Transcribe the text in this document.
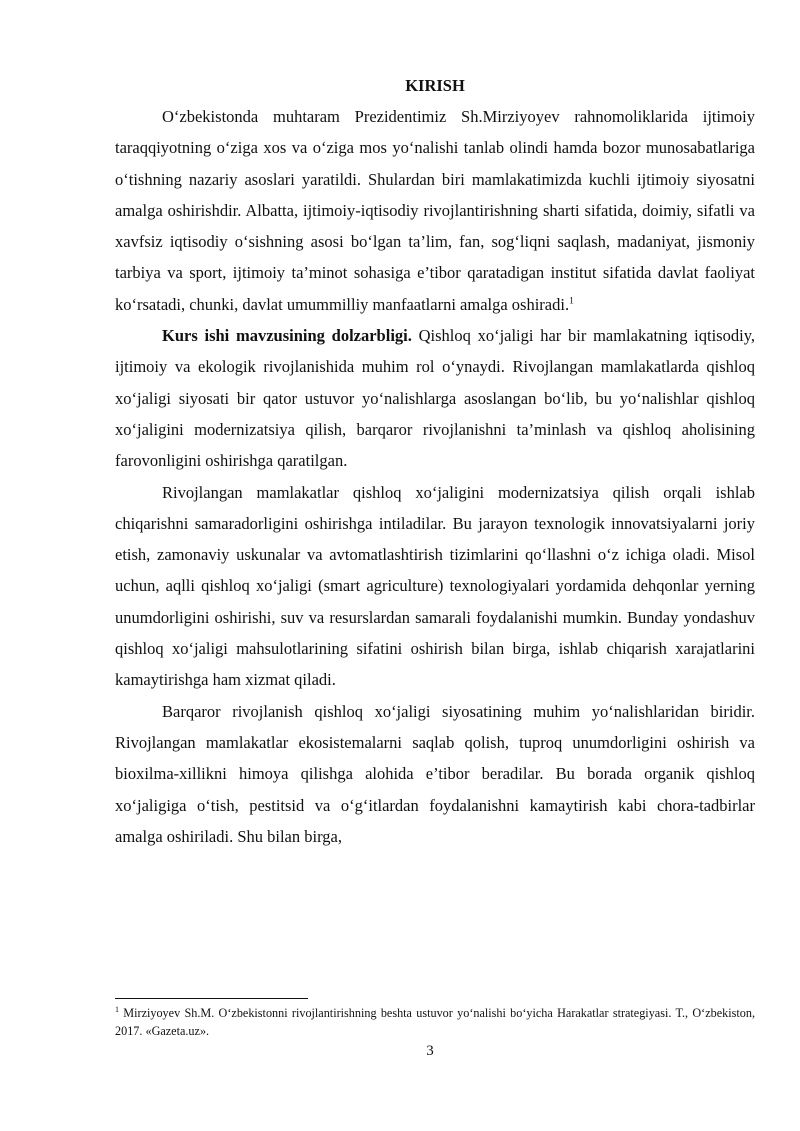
KIRISH

O‘zbekistonda muhtaram Prezidentimiz Sh.Mirziyoyev rahnomoliklarida ijtimoiy taraqqiyotning o‘ziga xos va o‘ziga mos yo‘nalishi tanlab olindi hamda bozor munosabatlariga o‘tishning nazariy asoslari yaratildi. Shulardan biri mamlakatimizda kuchli ijtimoiy siyosatni amalga oshirishdir. Albatta, ijtimoiy-iqtisodiy rivojlantirishning sharti sifatida, doimiy, sifatli va xavfsiz iqtisodiy o‘sishning asosi bo‘lgan ta’lim, fan, sog‘liqni saqlash, madaniyat, jismoniy tarbiya va sport, ijtimoiy ta’minot sohasiga e’tibor qaratadigan institut sifatida davlat faoliyat ko‘rsatadi, chunki, davlat umummilliy manfaatlarni amalga oshiradi.$^1$

Kurs ishi mavzusining dolzarbligi. Qishloq xo‘jaligi har bir mamlakatning iqtisodiy, ijtimoiy va ekologik rivojlanishida muhim rol o‘ynaydi. Rivojlangan mamlakatlarda qishloq xo‘jaligi siyosati bir qator ustuvor yo‘nalishlarga asoslangan bo‘lib, bu yo‘nalishlar qishloq xo‘jaligini modernizatsiya qilish, barqaror rivojlanishni ta’minlash va qishloq aholisining farovonligini oshirishga qaratilgan.

Rivojlangan mamlakatlar qishloq xo‘jaligini modernizatsiya qilish orqali ishlab chiqarishni samaradorligini oshirishga intiladilar. Bu jarayon texnologik innovatsiyalarni joriy etish, zamonaviy uskunalar va avtomatlashtirish tizimlarini qo‘llashni o‘z ichiga oladi. Misol uchun, aqlli qishloq xo‘jaligi (smart agriculture) texnologiyalari yordamida dehqonlar yerning unumdorligini oshirishi, suv va resurslardan samarali foydalanishi mumkin. Bunday yondashuv qishloq xo‘jaligi mahsulotlarining sifatini oshirish bilan birga, ishlab chiqarish xarajatlarini kamaytirishga ham xizmat qiladi.

Barqaror rivojlanish qishloq xo‘jaligi siyosatining muhim yo‘nalishlaridan biridir. Rivojlangan mamlakatlar ekosistemalarni saqlab qolish, tuproq unumdorligini oshirish va bioxilma-xillikni himoya qilishga alohida e’tibor beradilar. Bu borada organik qishloq xo‘jaligiga o‘tish, pestitsid va o‘g‘itlardan foydalanishni kamaytirish kabi chora-tadbirlar amalga oshiriladi. Shu bilan birga,

$^1$ Mirziyoyev Sh.M. O‘zbekistonni rivojlantirishning beshta ustuvor yo‘nalishi bo‘yicha Harakatlar strategiyasi. T., O‘zbekiston, 2017. «Gazeta.uz».

3
